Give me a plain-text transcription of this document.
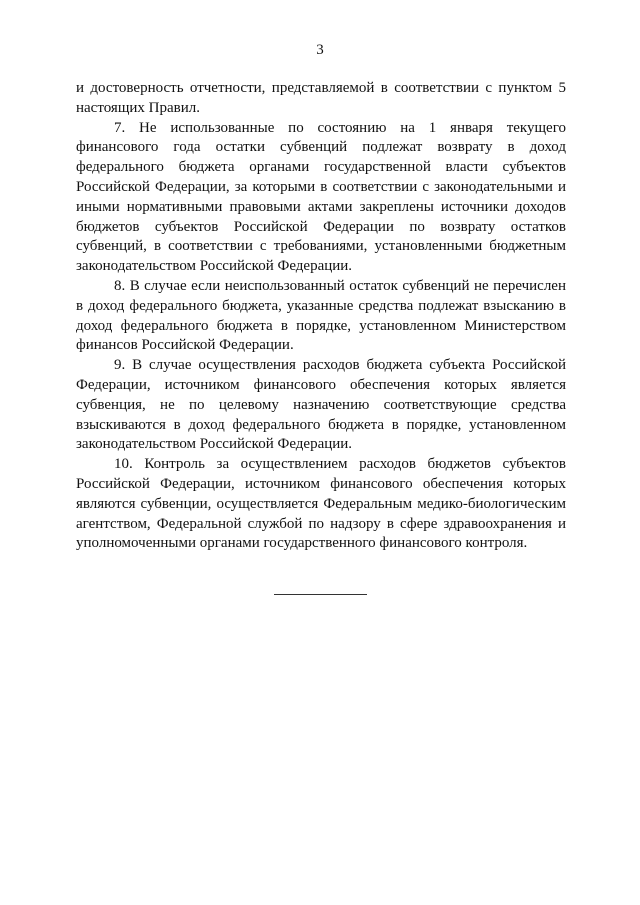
3

и достоверность отчетности, представляемой в соответствии с пунктом 5 настоящих Правил.

7. Не использованные по состоянию на 1 января текущего финансового года остатки субвенций подлежат возврату в доход федерального бюджета органами государственной власти субъектов Российской Федерации, за которыми в соответствии с законодательными и иными нормативными правовыми актами закреплены источники доходов бюджетов субъектов Российской Федерации по возврату остатков субвенций, в соответствии с требованиями, установленными бюджетным законодательством Российской Федерации.

8. В случае если неиспользованный остаток субвенций не перечислен в доход федерального бюджета, указанные средства подлежат взысканию в доход федерального бюджета в порядке, установленном Министерством финансов Российской Федерации.

9. В случае осуществления расходов бюджета субъекта Российской Федерации, источником финансового обеспечения которых является субвенция, не по целевому назначению соответствующие средства взыскиваются в доход федерального бюджета в порядке, установленном законодательством Российской Федерации.

10. Контроль за осуществлением расходов бюджетов субъектов Российской Федерации, источником финансового обеспечения которых являются субвенции, осуществляется Федеральным медико-биологическим агентством, Федеральной службой по надзору в сфере здравоохранения и уполномоченными органами государственного финансового контроля.
